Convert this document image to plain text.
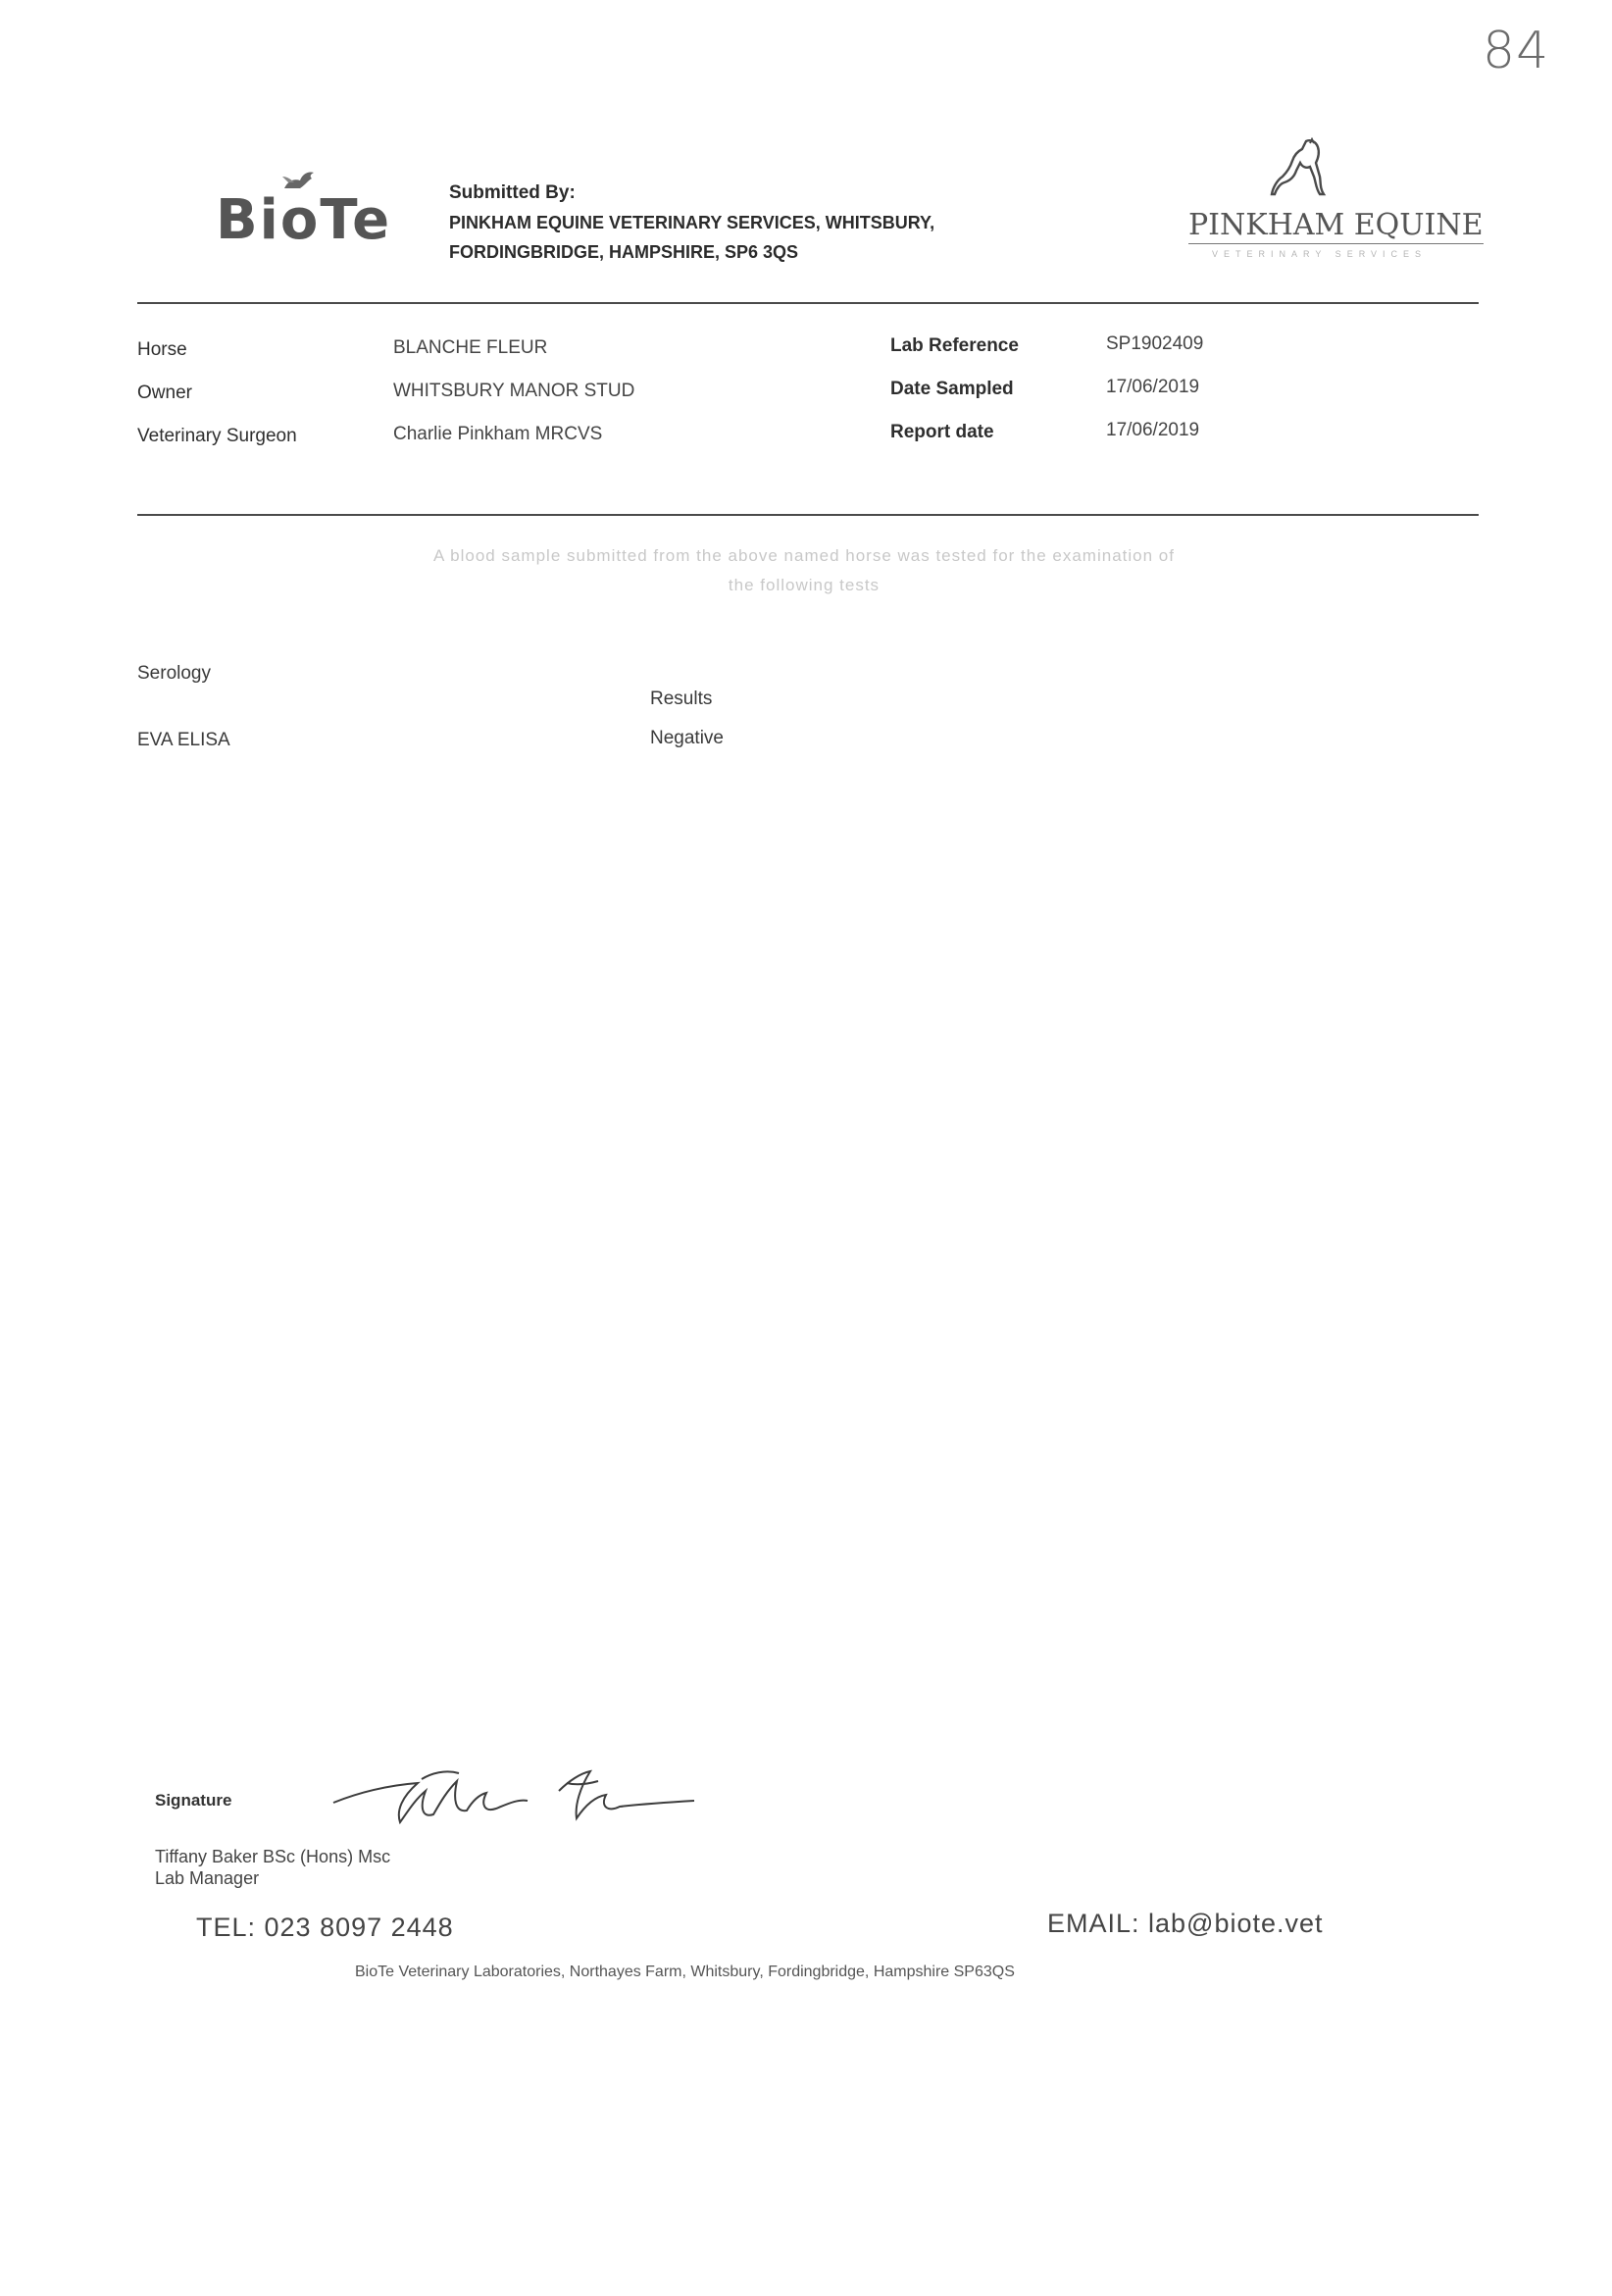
84
BioTe	Submitted By:
PINKHAM EQUINE VETERINARY SERVICES, WHITSBURY,
FORDINGBRIDGE, HAMPSHIRE, SP6 3QS
PINKHAM EQUINE
VETERINARY SERVICES
Horse	BLANCHE FLEUR
Owner	WHITSBURY MANOR STUD
Veterinary Surgeon	Charlie Pinkham MRCVS
Lab Reference	SP1902409
Date Sampled	17/06/2019
Report date	17/06/2019
A blood sample submitted from the above named horse was tested for the examination of
the following tests
Serology
Results
EVA ELISA	Negative
Signature
Tiffany Baker BSc (Hons) Msc
Lab Manager
TEL: 023 8097 2448	EMAIL: lab@biote.vet
BioTe Veterinary Laboratories, Northayes Farm, Whitsbury, Fordingbridge, Hampshire SP63QS
